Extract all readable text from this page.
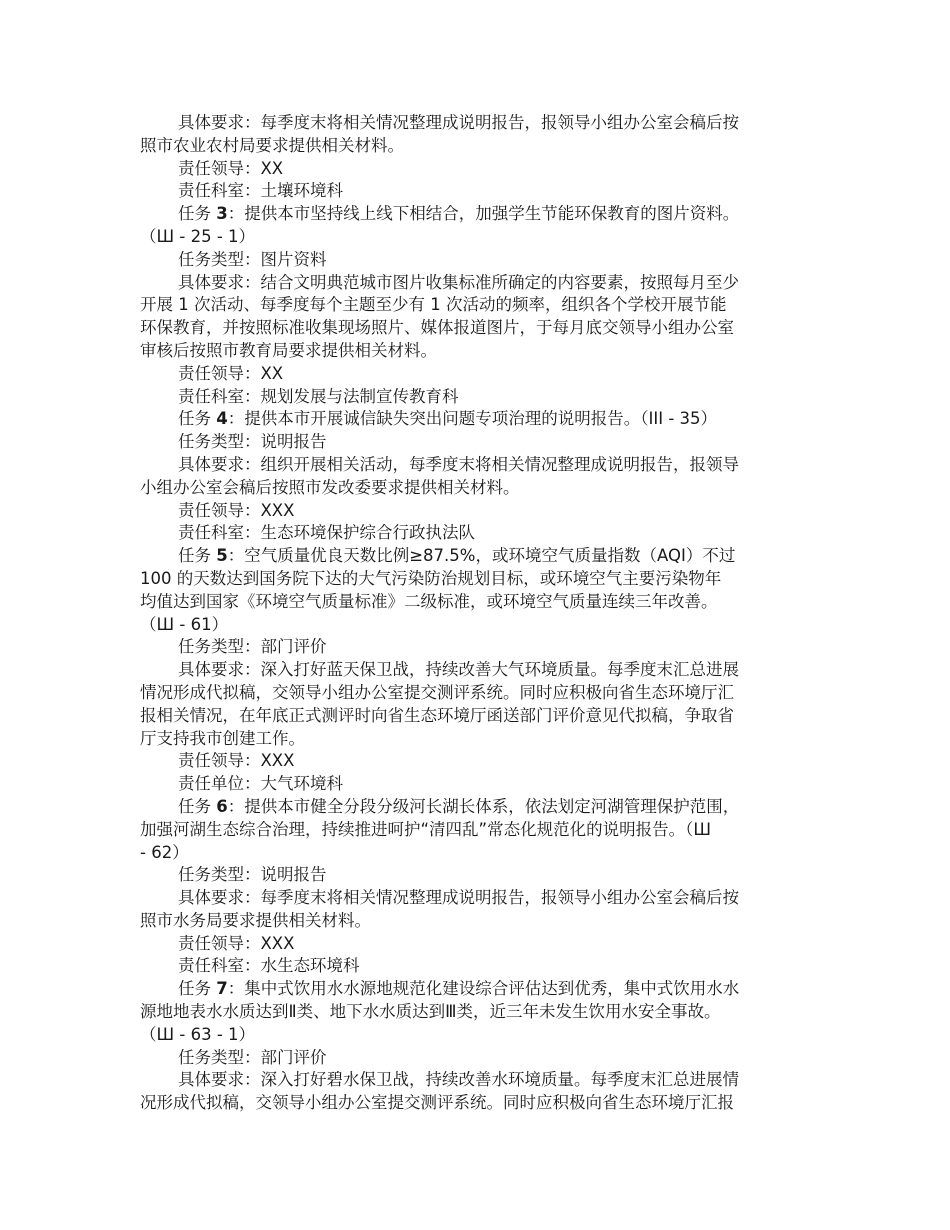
具体要求：每季度末将相关情况整理成说明报告，报领导小组办公室会稿后按
照市农业农村局要求提供相关材料。
责任领导：XX
责任科室：土壤环境科
任务 3：提供本市坚持线上线下相结合，加强学生节能环保教育的图片资料。
（Ш - 25 - 1）
任务类型：图片资料
具体要求：结合文明典范城市图片收集标准所确定的内容要素，按照每月至少
开展 1 次活动、每季度每个主题至少有 1 次活动的频率，组织各个学校开展节能
环保教育，并按照标准收集现场照片、媒体报道图片，于每月底交领导小组办公室
审核后按照市教育局要求提供相关材料。
责任领导：XX
责任科室：规划发展与法制宣传教育科
任务 4：提供本市开展诚信缺失突出问题专项治理的说明报告。（III - 35）
任务类型：说明报告
具体要求：组织开展相关活动，每季度末将相关情况整理成说明报告，报领导
小组办公室会稿后按照市发改委要求提供相关材料。
责任领导：XXX
责任科室：生态环境保护综合行政执法队
任务 5：空气质量优良天数比例≥87.5%，或环境空气质量指数（AQI）不过
100 的天数达到国务院下达的大气污染防治规划目标，或环境空气主要污染物年
均值达到国家《环境空气质量标准》二级标准，或环境空气质量连续三年改善。
（Ш - 61）
任务类型：部门评价
具体要求：深入打好蓝天保卫战，持续改善大气环境质量。每季度末汇总进展
情况形成代拟稿，交领导小组办公室提交测评系统。同时应积极向省生态环境厅汇
报相关情况，在年底正式测评时向省生态环境厅函送部门评价意见代拟稿，争取省
厅支持我市创建工作。
责任领导：XXX
责任单位：大气环境科
任务 6：提供本市健全分段分级河长湖长体系，依法划定河湖管理保护范围，
加强河湖生态综合治理，持续推进呵护“清四乱”常态化规范化的说明报告。（Ш
- 62）
任务类型：说明报告
具体要求：每季度末将相关情况整理成说明报告，报领导小组办公室会稿后按
照市水务局要求提供相关材料。
责任领导：XXX
责任科室：水生态环境科
任务 7：集中式饮用水水源地规范化建设综合评估达到优秀，集中式饮用水水
源地地表水水质达到Ⅱ类、地下水水质达到Ⅲ类，近三年未发生饮用水安全事故。
（Ш - 63 - 1）
任务类型：部门评价
具体要求：深入打好碧水保卫战，持续改善水环境质量。每季度末汇总进展情
况形成代拟稿，交领导小组办公室提交测评系统。同时应积极向省生态环境厅汇报
